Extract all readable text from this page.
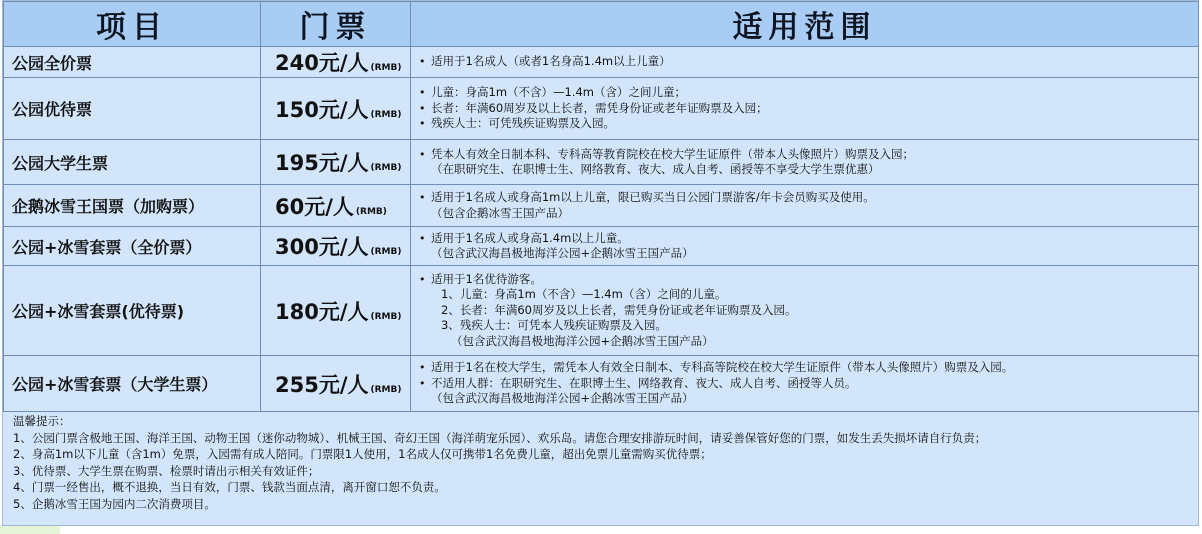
项目	门票	适用范围
公园全价票	240元/人 (RMB)	• 适用于1名成人（或者1名身高1.4m以上儿童）

公园优待票	150元/人 (RMB)	• 儿童：身高1m（不含）—1.4m（含）之间儿童；
• 长者：年满60周岁及以上长者，需凭身份证或老年证购票及入园；
• 残疾人士：可凭残疾证购票及入园。

公园大学生票	195元/人 (RMB)	• 凭本人有效全日制本科、专科高等教育院校在校大学生证原件（带本人头像照片）购票及入园；
（在职研究生、在职博士生、网络教育、夜大、成人自考、函授等不享受大学生票优惠）

企鹅冰雪王国票（加购票）	60元/人 (RMB)	• 适用于1名成人或身高1m以上儿童，限已购买当日公园门票游客/年卡会员购买及使用。
（包含企鹅冰雪王国产品）

公园+冰雪套票（全价票）	300元/人 (RMB)	• 适用于1名成人或身高1.4m以上儿童。
（包含武汉海昌极地海洋公园+企鹅冰雪王国产品）

公园+冰雪套票(优待票)	180元/人 (RMB)	• 适用于1名优待游客。
1、儿童：身高1m（不含）—1.4m（含）之间的儿童。
2、长者：年满60周岁及以上长者，需凭身份证或老年证购票及入园。
3、残疾人士：可凭本人残疾证购票及入园。
（包含武汉海昌极地海洋公园+企鹅冰雪王国产品）

公园+冰雪套票（大学生票）	255元/人 (RMB)	• 适用于1名在校大学生，需凭本人有效全日制本、专科高等院校在校大学生证原件（带本人头像照片）购票及入园。
• 不适用人群：在职研究生、在职博士生、网络教育、夜大、成人自考、函授等人员。
（包含武汉海昌极地海洋公园+企鹅冰雪王国产品）
温馨提示：
1、公园门票含极地王国、海洋王国、动物王国（迷你动物城）、机械王国、奇幻王国（海洋萌宠乐园）、欢乐岛。请您合理安排游玩时间，请妥善保管好您的门票，如发生丢失损坏请自行负责；
2、身高1m以下儿童（含1m）免票，入园需有成人陪同。门票限1人使用，1名成人仅可携带1名免费儿童，超出免票儿童需购买优待票；
3、优待票、大学生票在购票、检票时请出示相关有效证件；
4、门票一经售出，概不退换，当日有效，门票、钱款当面点清，离开窗口恕不负责。
5、企鹅冰雪王国为园内二次消费项目。
